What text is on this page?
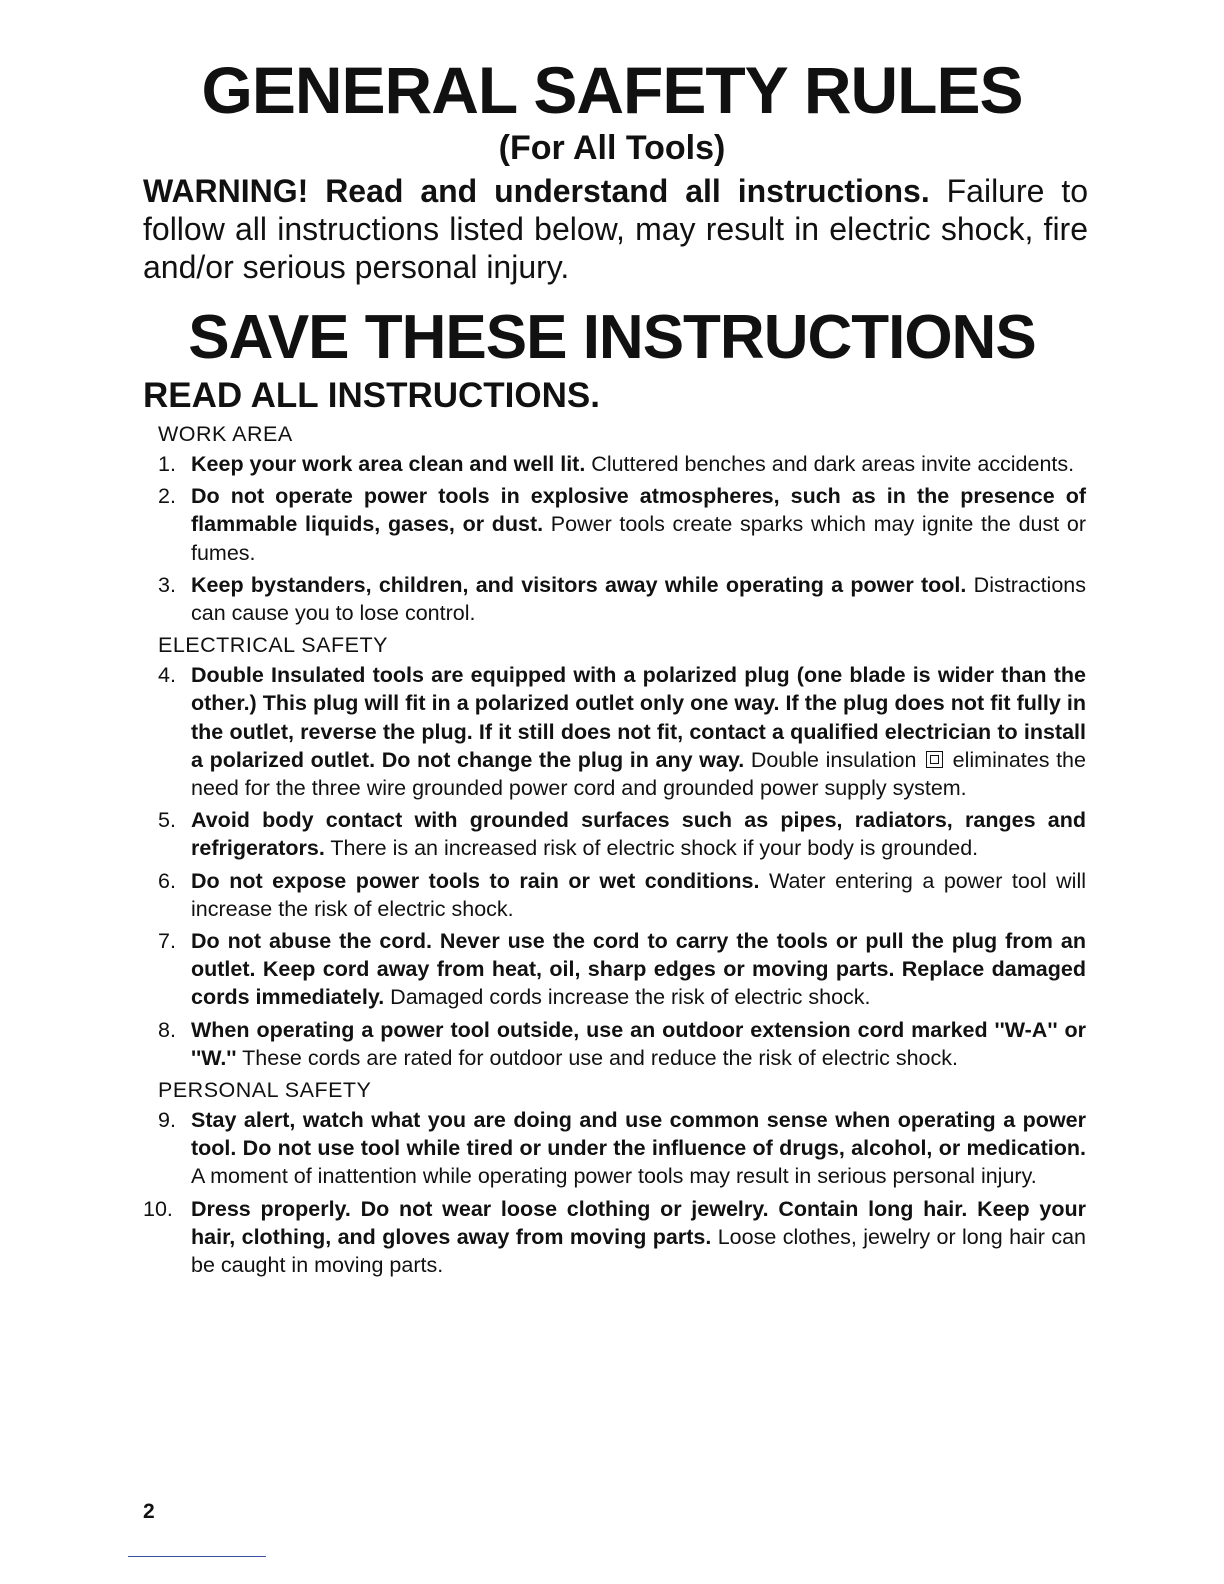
GENERAL SAFETY RULES
(For All Tools)
WARNING! Read and understand all instructions. Failure to follow all instructions listed below, may result in electric shock, fire and/or serious personal injury.
SAVE THESE INSTRUCTIONS
READ ALL INSTRUCTIONS.
WORK AREA
1. Keep your work area clean and well lit. Cluttered benches and dark areas invite accidents.
2. Do not operate power tools in explosive atmospheres, such as in the presence of flammable liquids, gases, or dust. Power tools create sparks which may ignite the dust or fumes.
3. Keep bystanders, children, and visitors away while operating a power tool. Distractions can cause you to lose control.
ELECTRICAL SAFETY
4. Double Insulated tools are equipped with a polarized plug (one blade is wider than the other.) This plug will fit in a polarized outlet only one way. If the plug does not fit fully in the outlet, reverse the plug. If it still does not fit, contact a qualified electrician to install a polarized outlet. Do not change the plug in any way. Double insulation eliminates the need for the three wire grounded power cord and grounded power supply system.
5. Avoid body contact with grounded surfaces such as pipes, radiators, ranges and refrigerators. There is an increased risk of electric shock if your body is grounded.
6. Do not expose power tools to rain or wet conditions. Water entering a power tool will increase the risk of electric shock.
7. Do not abuse the cord. Never use the cord to carry the tools or pull the plug from an outlet. Keep cord away from heat, oil, sharp edges or moving parts. Replace damaged cords immediately. Damaged cords increase the risk of electric shock.
8. When operating a power tool outside, use an outdoor extension cord marked ''W-A'' or ''W.'' These cords are rated for outdoor use and reduce the risk of electric shock.
PERSONAL SAFETY
9. Stay alert, watch what you are doing and use common sense when operating a power tool. Do not use tool while tired or under the influence of drugs, alcohol, or medication. A moment of inattention while operating power tools may result in serious personal injury.
10. Dress properly. Do not wear loose clothing or jewelry. Contain long hair. Keep your hair, clothing, and gloves away from moving parts. Loose clothes, jewelry or long hair can be caught in moving parts.
2
